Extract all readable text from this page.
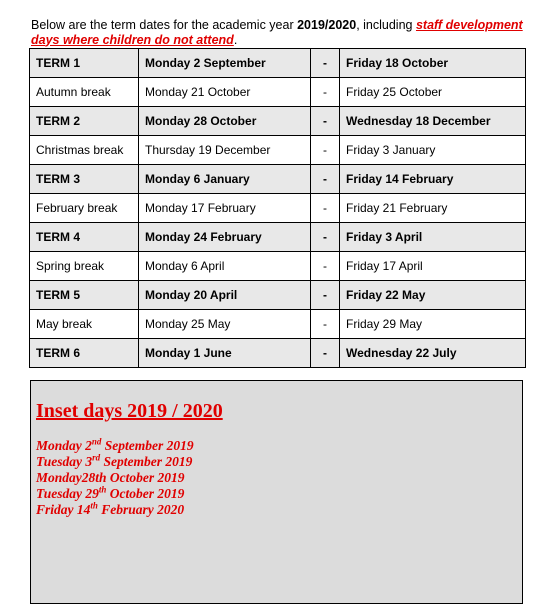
Below are the term dates for the academic year 2019/2020, including staff development days where children do not attend.

TERM 1	Monday 2 September	-	Friday 18 October
Autumn break	Monday 21 October	-	Friday 25 October
TERM 2	Monday 28 October	-	Wednesday 18 December
Christmas break	Thursday 19 December	-	Friday 3 January
TERM 3	Monday 6 January	-	Friday 14 February
February break	Monday 17 February	-	Friday 21 February
TERM 4	Monday 24 February	-	Friday 3 April
Spring break	Monday 6 April	-	Friday 17 April
TERM 5	Monday 20 April	-	Friday 22 May
May break	Monday 25 May	-	Friday 29 May
TERM 6	Monday 1 June	-	Wednesday 22 July
Inset days 2019 / 2020
Monday 2nd September 2019
Tuesday 3rd September 2019
Monday28th October 2019
Tuesday 29th October 2019
Friday 14th February 2020
